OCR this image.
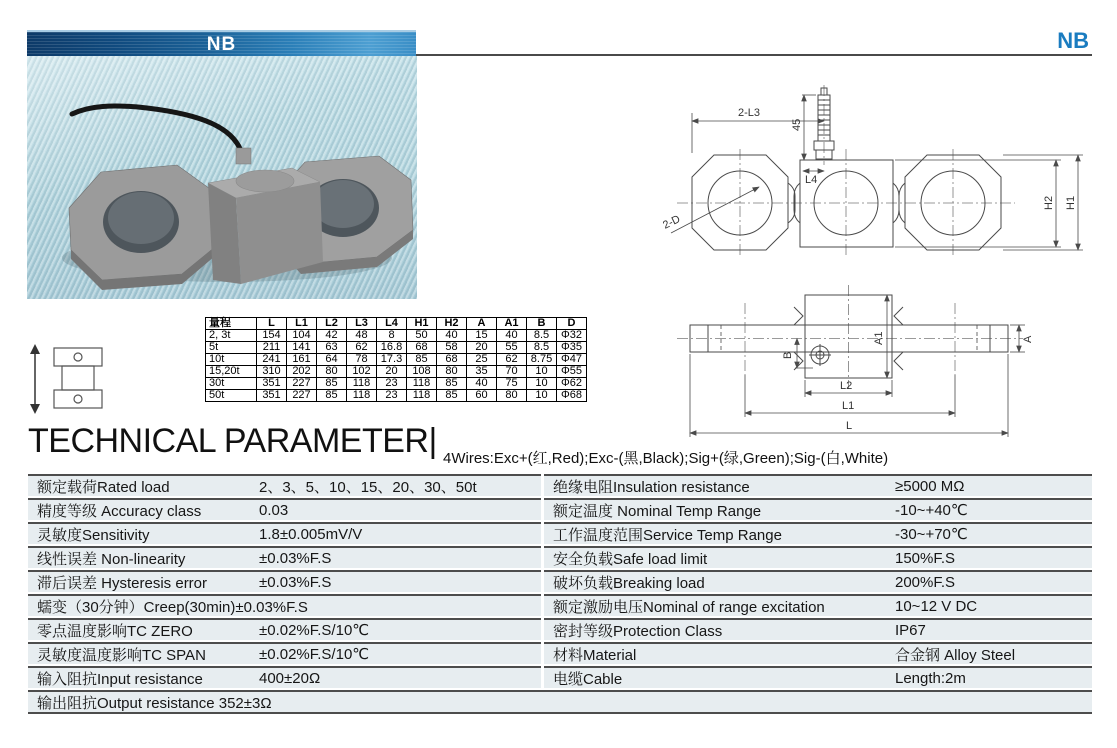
NB	NB
量程	L	L1	L2	L3	L4	H1	H2	A	A1	B	D
2, 3t	154	104	42	48	8	50	40	15	40	8.5	Φ32
5t	211	141	63	62	16.8	68	58	20	55	8.5	Φ35
10t	241	161	64	78	17.3	85	68	25	62	8.75	Φ47
15,20t	310	202	80	102	20	108	80	35	70	10	Φ55
30t	351	227	85	118	23	118	85	40	75	10	Φ62
50t	351	227	85	118	23	118	85	60	80	10	Φ68
2-L3
45
L4
2-D
H2 H1
A1	A
B
L2
L1
L
TECHNICAL PARAMETER| 4Wires:Exc+(红,Red);Exc-(黑,Black);Sig+(绿,Green);Sig-(白,White)
额定载荷Rated load	2、3、5、10、15、20、30、50t
精度等级 Accuracy class	0.03
灵敏度Sensitivity	1.8±0.005mV/V
线性误差 Non-linearity	±0.03%F.S
滞后误差 Hysteresis error	±0.03%F.S
蠕变（30分钟）Creep(30min)±0.03%F.S
零点温度影响TC ZERO	±0.02%F.S/10℃
灵敏度温度影响TC SPAN	±0.02%F.S/10℃
输入阻抗Input resistance	400±20Ω
绝缘电阻Insulation resistance	≥5000 MΩ
额定温度 Nominal Temp Range	-10~+40℃
工作温度范围Service Temp Range	-30~+70℃
安全负载Safe load limit	150%F.S
破坏负载Breaking load	200%F.S
额定激励电压Nominal of range excitation	10~12 V DC
密封等级Protection Class	IP67
材料Material	合金钢 Alloy Steel
电缆Cable	Length:2m
输出阻抗Output resistance 352±3Ω
